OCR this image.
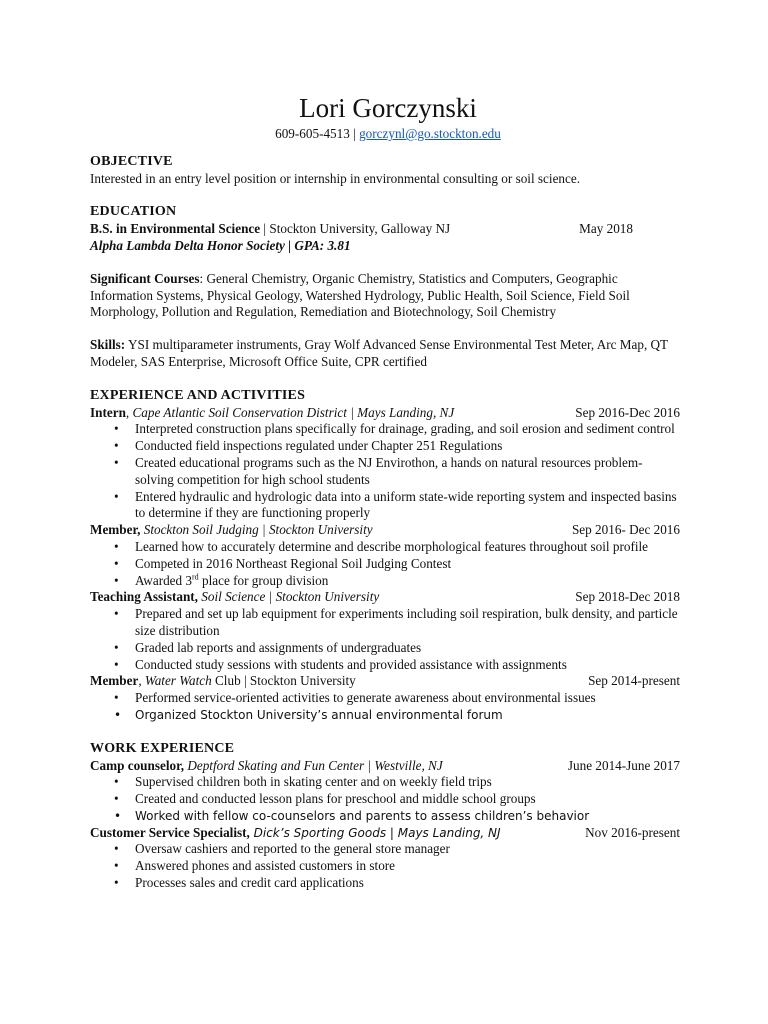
Lori Gorczynski
609-605-4513 | gorczynl@go.stockton.edu
OBJECTIVE

Interested in an entry level position or internship in environmental consulting or soil science.

EDUCATION
B.S. in Environmental Science | Stockton University, Galloway NJ	May 2018

Alpha Lambda Delta Honor Society | GPA: 3.81

Significant Courses: General Chemistry, Organic Chemistry, Statistics and Computers, Geographic Information Systems, Physical Geology, Watershed Hydrology, Public Health, Soil Science, Field Soil Morphology, Pollution and Regulation, Remediation and Biotechnology, Soil Chemistry

Skills: YSI multiparameter instruments, Gray Wolf Advanced Sense Environmental Test Meter, Arc Map, QT Modeler, SAS Enterprise, Microsoft Office Suite, CPR certified

EXPERIENCE AND ACTIVITIES
Intern, Cape Atlantic Soil Conservation District | Mays Landing, NJ	Sep 2016-Dec 2016
• Interpreted construction plans specifically for drainage, grading, and soil erosion and sediment control
• Conducted field inspections regulated under Chapter 251 Regulations
• Created educational programs such as the NJ Envirothon, a hands on natural resources problem-solving competition for high school students
• Entered hydraulic and hydrologic data into a uniform state-wide reporting system and inspected basins to determine if they are functioning properly
Member, Stockton Soil Judging | Stockton University	Sep 2016- Dec 2016
• Learned how to accurately determine and describe morphological features throughout soil profile
• Competed in 2016 Northeast Regional Soil Judging Contest
• Awarded 3rd place for group division
Teaching Assistant, Soil Science | Stockton University	Sep 2018-Dec 2018
• Prepared and set up lab equipment for experiments including soil respiration, bulk density, and particle size distribution
• Graded lab reports and assignments of undergraduates
• Conducted study sessions with students and provided assistance with assignments
Member, Water Watch Club | Stockton University	Sep 2014-present
• Performed service-oriented activities to generate awareness about environmental issues
• Organized Stockton University’s annual environmental forum
WORK EXPERIENCE
Camp counselor, Deptford Skating and Fun Center | Westville, NJ	June 2014-June 2017
• Supervised children both in skating center and on weekly field trips
• Created and conducted lesson plans for preschool and middle school groups
• Worked with fellow co-counselors and parents to assess children’s behavior
Customer Service Specialist, Dick’s Sporting Goods | Mays Landing, NJ	Nov 2016-present
• Oversaw cashiers and reported to the general store manager
• Answered phones and assisted customers in store
• Processes sales and credit card applications
